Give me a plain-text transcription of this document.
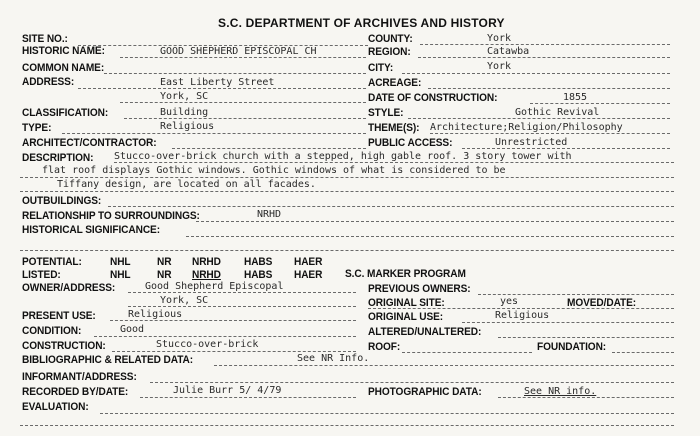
S.C. DEPARTMENT OF ARCHIVES AND HISTORY
SITE NO.:
HISTORIC NAME:	GOOD SHEPHERD EPISCOPAL CH
COMMON NAME:
ADDRESS:	East Liberty Street
York, SC
CLASSIFICATION:	Building
TYPE:	Religious
ARCHITECT/CONTRACTOR:
COUNTY:	York
REGION:	Catawba
CITY:	York
ACREAGE:
DATE OF CONSTRUCTION:	1855
STYLE:	Gothic Revival
THEME(S): Architecture;Religion/Philosophy
PUBLIC ACCESS:	Unrestricted
DESCRIPTION: Stucco-over-brick church with a stepped, high gable roof. 3 story tower with
flat roof displays Gothic windows. Gothic windows of what is considered to be
Tiffany design, are located on all facades.
OUTBUILDINGS:
RELATIONSHIP TO SURROUNDINGS:	NRHD
HISTORICAL SIGNIFICANCE:
POTENTIAL:	NHL NR NRHD HABS HAER
LISTED:	NHL NR NRHD HABS HAER S.C. MARKER PROGRAM
OWNER/ADDRESS:	Good Shepherd Episcopal
York, SC
PREVIOUS OWNERS:
ORIGINAL SITE:	yes	MOVED/DATE:
PRESENT USE:	Religious	ORIGINAL USE:	Religious
CONDITION:	Good	ALTERED/UNALTERED:
CONSTRUCTION:	Stucco-over-brick	ROOF:	FOUNDATION:
BIBLIOGRAPHIC & RELATED DATA:	See NR Info.
INFORMANT/ADDRESS:
RECORDED BY/DATE:	Julie Burr 5/ 4/79	PHOTOGRAPHIC DATA:	See NR info.
EVALUATION:
